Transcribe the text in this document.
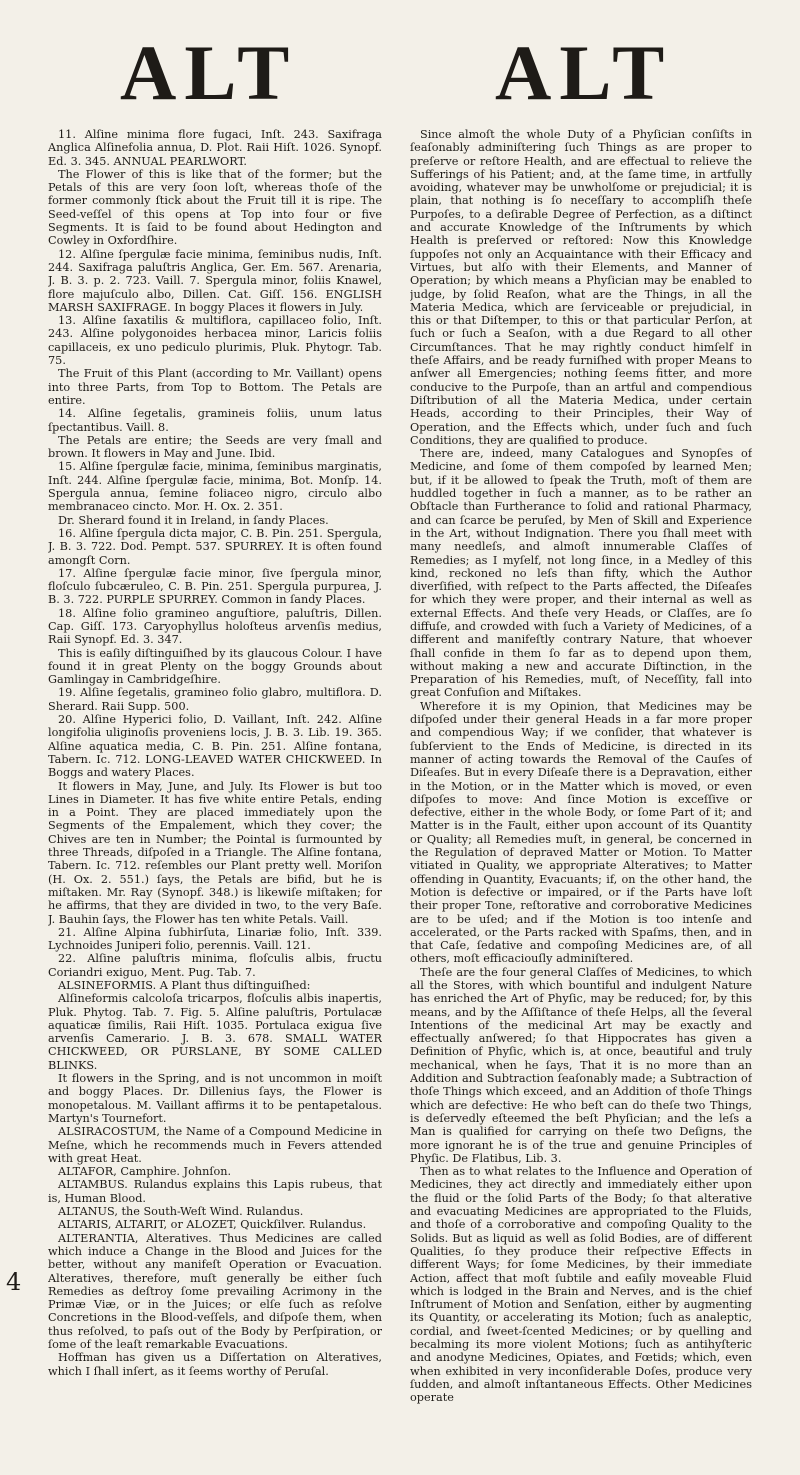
ALT	ALT

11. Alſine minima flore fugaci, Inſt. 243. Saxifraga Anglica Alſinefolia annua, D. Plot. Raii Hiſt. 1026. Synopf. Ed. 3. 345. ANNUAL PEARLWORT.

The Flower of this is like that of the former; but the Petals of this are very ſoon loſt, whereas thoſe of the former commonly ſtick about the Fruit till it is ripe. The Seed-veſſel of this opens at Top into four or five Segments. It is ſaid to be found about Hedington and Cowley in Oxfordſhire.

12. Alſine ſpergulæ facie minima, ſeminibus nudis, Inſt. 244. Saxifraga paluſtris Anglica, Ger. Em. 567. Arenaria, J. B. 3. p. 2. 723. Vaill. 7. Spergula minor, foliis Knawel, flore majuſculo albo, Dillen. Cat. Giſſ. 156. ENGLISH MARSH SAXIFRAGE. In boggy Places it flowers in July.

13. Alſine ſaxatilis & multiflora, capillaceo folio, Inſt. 243. Alſine polygonoides herbacea minor, Laricis foliis capillaceis, ex uno pediculo plurimis, Pluk. Phytogr. Tab. 75.

The Fruit of this Plant (according to Mr. Vaillant) opens into three Parts, from Top to Bottom. The Petals are entire.

14. Alſine ſegetalis, gramineis foliis, unum latus ſpectantibus. Vaill. 8.

The Petals are entire; the Seeds are very ſmall and brown. It flowers in May and June. Ibid.

15. Alſine ſpergulæ facie, minima, ſeminibus marginatis, Inſt. 244. Alſine ſpergulæ facie, minima, Bot. Monſp. 14. Spergula annua, ſemine foliaceo nigro, circulo albo membranaceo cincto. Mor. H. Ox. 2. 351.

Dr. Sherard found it in Ireland, in ſandy Places.

16. Alſine ſpergula dicta major, C. B. Pin. 251. Spergula, J. B. 3. 722. Dod. Pempt. 537. SPURREY. It is often found amongſt Corn.

17. Alſine ſpergulæ facie minor, ſive ſpergula minor, floſculo ſubcæruleo, C. B. Pin. 251. Spergula purpurea, J. B. 3. 722. PURPLE SPURREY. Common in ſandy Places.

18. Alſine folio gramineo anguſtiore, paluſtris, Dillen. Cap. Giſſ. 173. Caryophyllus holoſteus arvenſis medius, Raii Synopf. Ed. 3. 347.

This is eaſily diſtinguiſhed by its glaucous Colour. I have found it in great Plenty on the boggy Grounds about Gamlingay in Cambridgeſhire.

19. Alſine ſegetalis, gramineo folio glabro, multiflora. D. Sherard. Raii Supp. 500.

20. Alſine Hyperici folio, D. Vaillant, Inſt. 242. Alſine longifolia uliginoſis proveniens locis, J. B. 3. Lib. 19. 365. Alſine aquatica media, C. B. Pin. 251. Alſine fontana, Tabern. Ic. 712. LONG-LEAVED WATER CHICKWEED. In Boggs and watery Places.

It flowers in May, June, and July. Its Flower is but too Lines in Diameter. It has five white entire Petals, ending in a Point. They are placed immediately upon the Segments of the Empalement, which they cover; the Chives are ten in Number; the Pointal is ſurmounted by three Threads, diſpoſed in a Triangle. The Alſine fontana, Tabern. Ic. 712. reſembles our Plant pretty well. Moriſon (H. Ox. 2. 551.) ſays, the Petals are bifid, but he is miſtaken. Mr. Ray (Synopf. 348.) is likewiſe miſtaken; for he affirms, that they are divided in two, to the very Baſe. J. Bauhin ſays, the Flower has ten white Petals. Vaill.

21. Alſine Alpina ſubhirſuta, Linariæ folio, Inſt. 339. Lychnoides Juniperi folio, perennis. Vaill. 121.

22. Alſine paluſtris minima, floſculis albis, fructu Coriandri exiguo, Ment. Pug. Tab. 7.

ALSINEFORMIS. A Plant thus diſtinguiſhed:

Alſineformis calcoloſa tricarpos, floſculis albis inapertis, Pluk. Phytog. Tab. 7. Fig. 5. Alſine paluſtris, Portulacæ aquaticæ ſimilis, Raii Hiſt. 1035. Portulaca exigua ſive arvenſis Camerario. J. B. 3. 678. SMALL WATER CHICKWEED, OR PURSLANE, BY SOME CALLED BLINKS.

It flowers in the Spring, and is not uncommon in moiſt and boggy Places. Dr. Dillenius ſays, the Flower is monopetalous. M. Vaillant affirms it to be pentapetalous. Martyn's Tournefort.

ALSIRACOSTUM, the Name of a Compound Medicine in Meſne, which he recommends much in Fevers attended with great Heat.

ALTAFOR, Camphire. Johnſon.

ALTAMBUS. Rulandus explains this Lapis rubeus, that is, Human Blood.

ALTANUS, the South-Weſt Wind. Rulandus.

ALTARIS, ALTARIT, or ALOZET, Quickſilver. Rulandus.

ALTERANTIA, Alteratives. Thus Medicines are called which induce a Change in the Blood and Juices for the better, without any manifeſt Operation or Evacuation. Alteratives, therefore, muſt generally be either ſuch Remedies as deſtroy ſome prevailing Acrimony in the Primæ Viæ, or in the Juices; or elſe ſuch as reſolve Concretions in the Blood-veſſels, and diſpoſe them, when thus reſolved, to paſs out of the Body by Perſpiration, or ſome of the leaſt remarkable Evacuations.

Hoffman has given us a Diſſertation on Alteratives, which I ſhall inſert, as it ſeems worthy of Peruſal.

Since almoſt the whole Duty of a Phyſician conſiſts in ſeaſonably adminiſtering ſuch Things as are proper to preſerve or reſtore Health, and are effectual to relieve the Sufferings of his Patient; and, at the ſame time, in artfully avoiding, whatever may be unwholſome or prejudicial; it is plain, that nothing is ſo neceſſary to accompliſh theſe Purpoſes, to a deſirable Degree of Perfection, as a diſtinct and accurate Knowledge of the Inſtruments by which Health is preſerved or reſtored: Now this Knowledge ſuppoſes not only an Acquaintance with their Efficacy and Virtues, but alſo with their Elements, and Manner of Operation; by which means a Phyſician may be enabled to judge, by ſolid Reaſon, what are the Things, in all the Materia Medica, which are ſerviceable or prejudicial, in this or that Diſtemper, to this or that particular Perſon, at ſuch or ſuch a Seaſon, with a due Regard to all other Circumſtances. That he may rightly conduct himſelf in theſe Affairs, and be ready furniſhed with proper Means to anſwer all Emergencies; nothing ſeems fitter, and more conducive to the Purpoſe, than an artful and compendious Diſtribution of all the Materia Medica, under certain Heads, according to their Principles, their Way of Operation, and the Effects which, under ſuch and ſuch Conditions, they are qualified to produce.

There are, indeed, many Catalogues and Synopſes of Medicine, and ſome of them compoſed by learned Men; but, if it be allowed to ſpeak the Truth, moſt of them are huddled together in ſuch a manner, as to be rather an Obſtacle than Furtherance to ſolid and rational Pharmacy, and can ſcarce be peruſed, by Men of Skill and Experience in the Art, without Indignation. There you ſhall meet with many needleſs, and almoſt innumerable Claſſes of Remedies; as I myſelf, not long ſince, in a Medley of this kind, reckoned no leſs than fifty, which the Author diverſified, with reſpect to the Parts affected, the Diſeaſes for which they were proper, and their internal as well as external Effects. And theſe very Heads, or Claſſes, are ſo diffuſe, and crowded with ſuch a Variety of Medicines, of a different and manifeſtly contrary Nature, that whoever ſhall confide in them ſo far as to depend upon them, without making a new and accurate Diſtinction, in the Preparation of his Remedies, muſt, of Neceſſity, fall into great Confuſion and Miſtakes.

Wherefore it is my Opinion, that Medicines may be diſpoſed under their general Heads in a far more proper and compendious Way; if we conſider, that whatever is ſubſervient to the Ends of Medicine, is directed in its manner of acting towards the Removal of the Cauſes of Diſeaſes. But in every Diſeaſe there is a Depravation, either in the Motion, or in the Matter which is moved, or even diſpoſes to move: And ſince Motion is exceſſive or defective, either in the whole Body, or ſome Part of it; and Matter is in the Fault, either upon account of its Quantity or Quality; all Remedies muſt, in general, be concerned in the Regulation of depraved Matter or Motion. To Matter vitiated in Quality, we appropriate Alteratives; to Matter offending in Quantity, Evacuants; if, on the other hand, the Motion is defective or impaired, or if the Parts have loſt their proper Tone, reſtorative and corroborative Medicines are to be uſed; and if the Motion is too intenſe and accelerated, or the Parts racked with Spaſms, then, and in that Caſe, ſedative and compoſing Medicines are, of all others, moſt efficaciouſly adminiſtered.

Theſe are the four general Claſſes of Medicines, to which all the Stores, with which bountiful and indulgent Nature has enriched the Art of Phyſic, may be reduced; for, by this means, and by the Aſſiſtance of theſe Helps, all the ſeveral Intentions of the medicinal Art may be exactly and effectually anſwered; ſo that Hippocrates has given a Definition of Phyſic, which is, at once, beautiful and truly mechanical, when he ſays, That it is no more than an Addition and Subtraction ſeaſonably made; a Subtraction of thoſe Things which exceed, and an Addition of thoſe Things which are defective: He who beſt can do theſe two Things, is deſervedly eſteemed the beſt Phyſician; and the leſs a Man is qualified for carrying on theſe two Deſigns, the more ignorant he is of the true and genuine Principles of Phyſic. De Flatibus, Lib. 3.

Then as to what relates to the Influence and Operation of Medicines, they act directly and immediately either upon the fluid or the ſolid Parts of the Body; ſo that alterative and evacuating Medicines are appropriated to the Fluids, and thoſe of a corroborative and compoſing Quality to the Solids. But as liquid as well as ſolid Bodies, are of different Qualities, ſo they produce their reſpective Effects in different Ways; for ſome Medicines, by their immediate Action, affect that moſt ſubtile and eaſily moveable Fluid which is lodged in the Brain and Nerves, and is the chief Inſtrument of Motion and Senſation, either by augmenting its Quantity, or accelerating its Motion; ſuch as analeptic, cordial, and ſweet-ſcented Medicines; or by quelling and becalming its more violent Motions; ſuch as antihyſteric and anodyne Medicines, Opiates, and Fœtids; which, even when exhibited in very inconſiderable Doſes, produce very ſudden, and almoſt inſtantaneous Effects. Other Medicines operate

4
